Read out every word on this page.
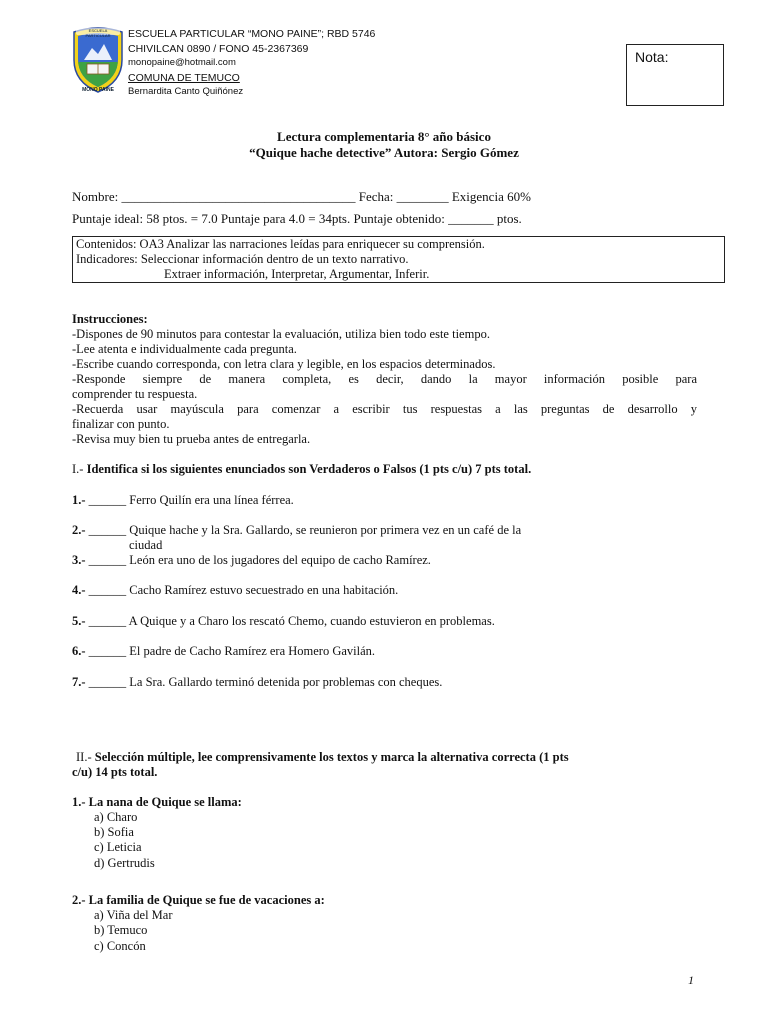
ESCUELA PARTICULAR
MONO PAINE
ESCUELA PARTICULAR “MONO PAINE”; RBD 5746
CHIVILCAN 0890 / FONO 45-2367369
monopaine@hotmail.com
COMUNA DE TEMUCO
Bernardita Canto Quiñónez
Nota:
Lectura complementaria 8° año básico
“Quique hache detective” Autora: Sergio Gómez
Nombre: ____________________________________ Fecha: ________ Exigencia 60%
Puntaje ideal: 58 ptos. = 7.0 Puntaje para 4.0 = 34pts. Puntaje obtenido: _______ ptos.
Contenidos: OA3 Analizar las narraciones leídas para enriquecer su comprensión.
Indicadores: Seleccionar información dentro de un texto narrativo.
Extraer información, Interpretar, Argumentar, Inferir.
Instrucciones:
-Dispones de 90 minutos para contestar la evaluación, utiliza bien todo este tiempo.
-Lee atenta e individualmente cada pregunta.
-Escribe cuando corresponda, con letra clara y legible, en los espacios determinados.
-Responde siempre de manera completa, es decir, dando la mayor información posible para
comprender tu respuesta.
-Recuerda usar mayúscula para comenzar a escribir tus respuestas a las preguntas de desarrollo y
finalizar con punto.
-Revisa muy bien tu prueba antes de entregarla.
I.- Identifica si los siguientes enunciados son Verdaderos o Falsos (1 pts c/u) 7 pts total.
1.- ______ Ferro Quilín era una línea férrea.
2.- ______ Quique hache y la Sra. Gallardo, se reunieron por primera vez en un café de la
ciudad
3.- ______ León era uno de los jugadores del equipo de cacho Ramírez.
4.- ______ Cacho Ramírez estuvo secuestrado en una habitación.
5.- ______ A Quique y a Charo los rescató Chemo, cuando estuvieron en problemas.
6.- ______ El padre de Cacho Ramírez era Homero Gavilán.
7.- ______ La Sra. Gallardo terminó detenida por problemas con cheques.
II.- Selección múltiple, lee comprensivamente los textos y marca la alternativa correcta (1 pts
c/u) 14 pts total.
1.- La nana de Quique se llama:
a) Charo
b) Sofia
c) Leticia
d) Gertrudis
2.- La familia de Quique se fue de vacaciones a:
a) Viña del Mar
b) Temuco
c) Concón
1
